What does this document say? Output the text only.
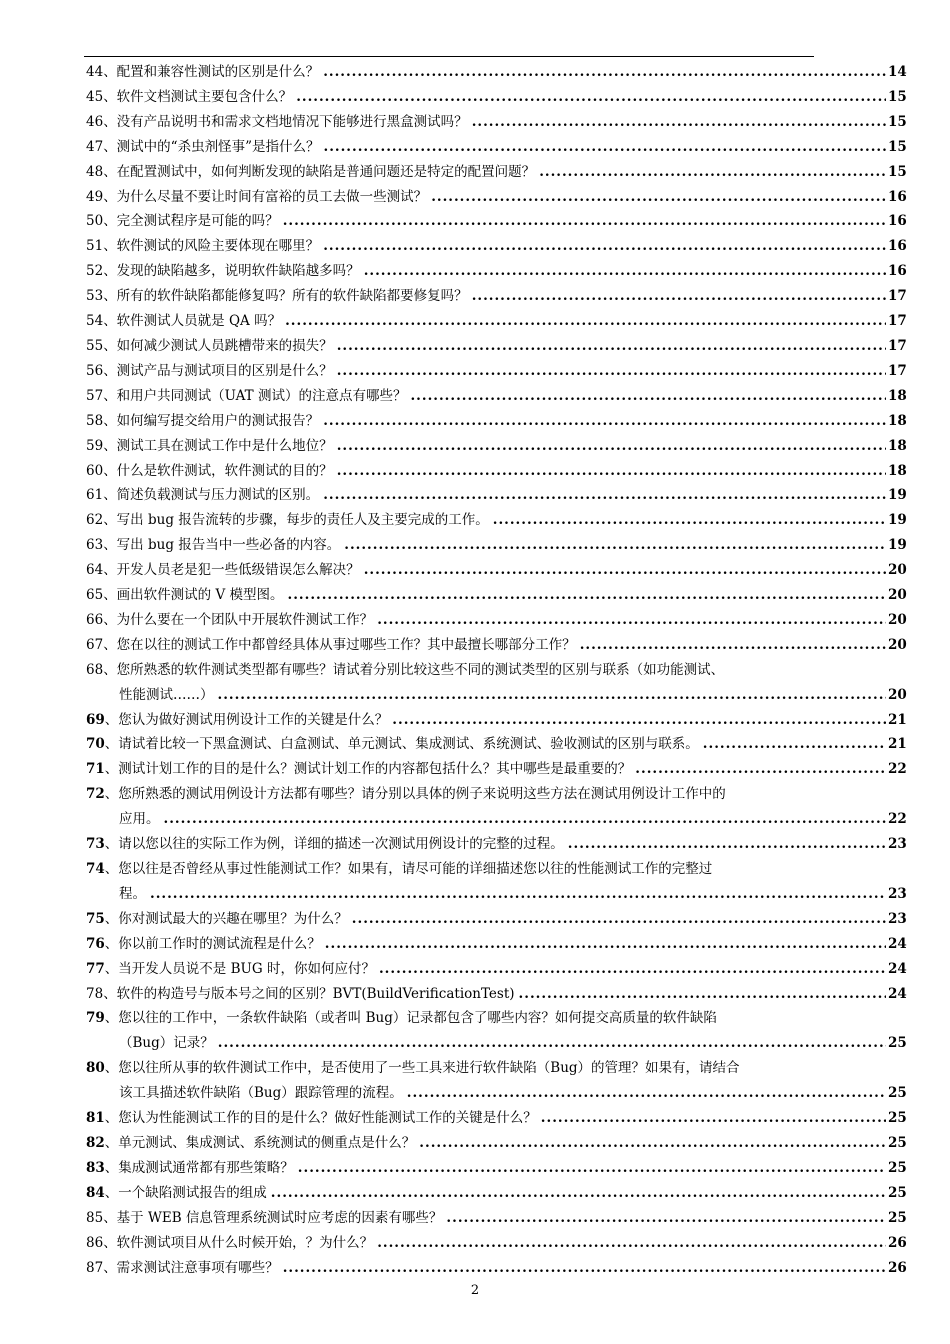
44 、配置和兼容性测试的区别是什么？ .....	14
45 、软件文档测试主要包含什么？ .....	15
46 、没有产品说明书和需求文档地情况下能够进行黑盒测试吗？ .....	15
47 、测试中的“杀虫剂怪事”是指什么？ .....	15
48 、在配置测试中，如何判断发现的缺陷是普通问题还是特定的配置问题？ .....	15
49 、为什么尽量不要让时间有富裕的员工去做一些测试？ .....	16
50 、完全测试程序是可能的吗？ .....	16
51 、软件测试的风险主要体现在哪里？ .....	16
52 、发现的缺陷越多，说明软件缺陷越多吗？ .....	16
53 、所有的软件缺陷都能修复吗？所有的软件缺陷都要修复吗？ .....	17
54 、软件测试人员就是 QA 吗？ .....	17
55 、如何减少测试人员跳槽带来的损失？ .....	17
56 、测试产品与测试项目的区别是什么？ .....	17
57 、和用户共同测试（UAT 测试）的注意点有哪些？ .....	18
58 、如何编写提交给用户的测试报告？ .....	18
59 、测试工具在测试工作中是什么地位？ .....	18
60 、什么是软件测试，软件测试的目的？ .....	18
61 、简述负载测试与压力测试的区别。 .....	19
62 、写出 bug 报告流转的步骤，每步的责任人及主要完成的工作。 .....	19
63 、写出 bug 报告当中一些必备的内容。 .....	19
64 、开发人员老是犯一些低级错误怎么解决？ .....	20
65 、画出软件测试的 V 模型图。 .....	20
66 、为什么要在一个团队中开展软件测试工作？ .....	20
67 、您在以往的测试工作中都曾经具体从事过哪些工作？其中最擅长哪部分工作？ .....	20
68、您所熟悉的软件测试类型都有哪些？请试着分别比较这些不同的测试类型的区别与联系（如功能测试、
性能测试……） .....	20
69 、您认为做好测试用例设计工作的关键是什么？ .....	21
70 、请试着比较一下黑盒测试、白盒测试、单元测试、集成测试、系统测试、验收测试的区别与联系。 .....	21
71 、测试计划工作的目的是什么？测试计划工作的内容都包括什么？其中哪些是最重要的？ .....	22
72、您所熟悉的测试用例设计方法都有哪些？请分别以具体的例子来说明这些方法在测试用例设计工作中的
应用。 .....	22
73 、请以您以往的实际工作为例，详细的描述一次测试用例设计的完整的过程。 .....	23
74、您以往是否曾经从事过性能测试工作？如果有，请尽可能的详细描述您以往的性能测试工作的完整过
程。 .....	23
75 、你对测试最大的兴趣在哪里？为什么？ .....	23
76 、你以前工作时的测试流程是什么？ .....	24
77 、当开发人员说不是 BUG 时，你如何应付？ .....	24
78 、软件的构造号与版本号之间的区别？BVT(BuildVerificationTest) .....	24
79、您以往的工作中，一条软件缺陷（或者叫 Bug）记录都包含了哪些内容？如何提交高质量的软件缺陷
（Bug）记录？ .....	25
80、您以往所从事的软件测试工作中，是否使用了一些工具来进行软件缺陷（Bug）的管理？如果有，请结合
该工具描述软件缺陷（Bug）跟踪管理的流程。 .....	25
81 、您认为性能测试工作的目的是什么？做好性能测试工作的关键是什么？ .....	25
82 、单元测试、集成测试、系统测试的侧重点是什么？ .....	25
83 、集成测试通常都有那些策略？ .....	25
84 、一个缺陷测试报告的组成 .....	25
85 、基于 WEB 信息管理系统测试时应考虑的因素有哪些？ .....	25
86 、软件测试项目从什么时候开始，？为什么？ .....	26
87 、需求测试注意事项有哪些？ .....	26
2
